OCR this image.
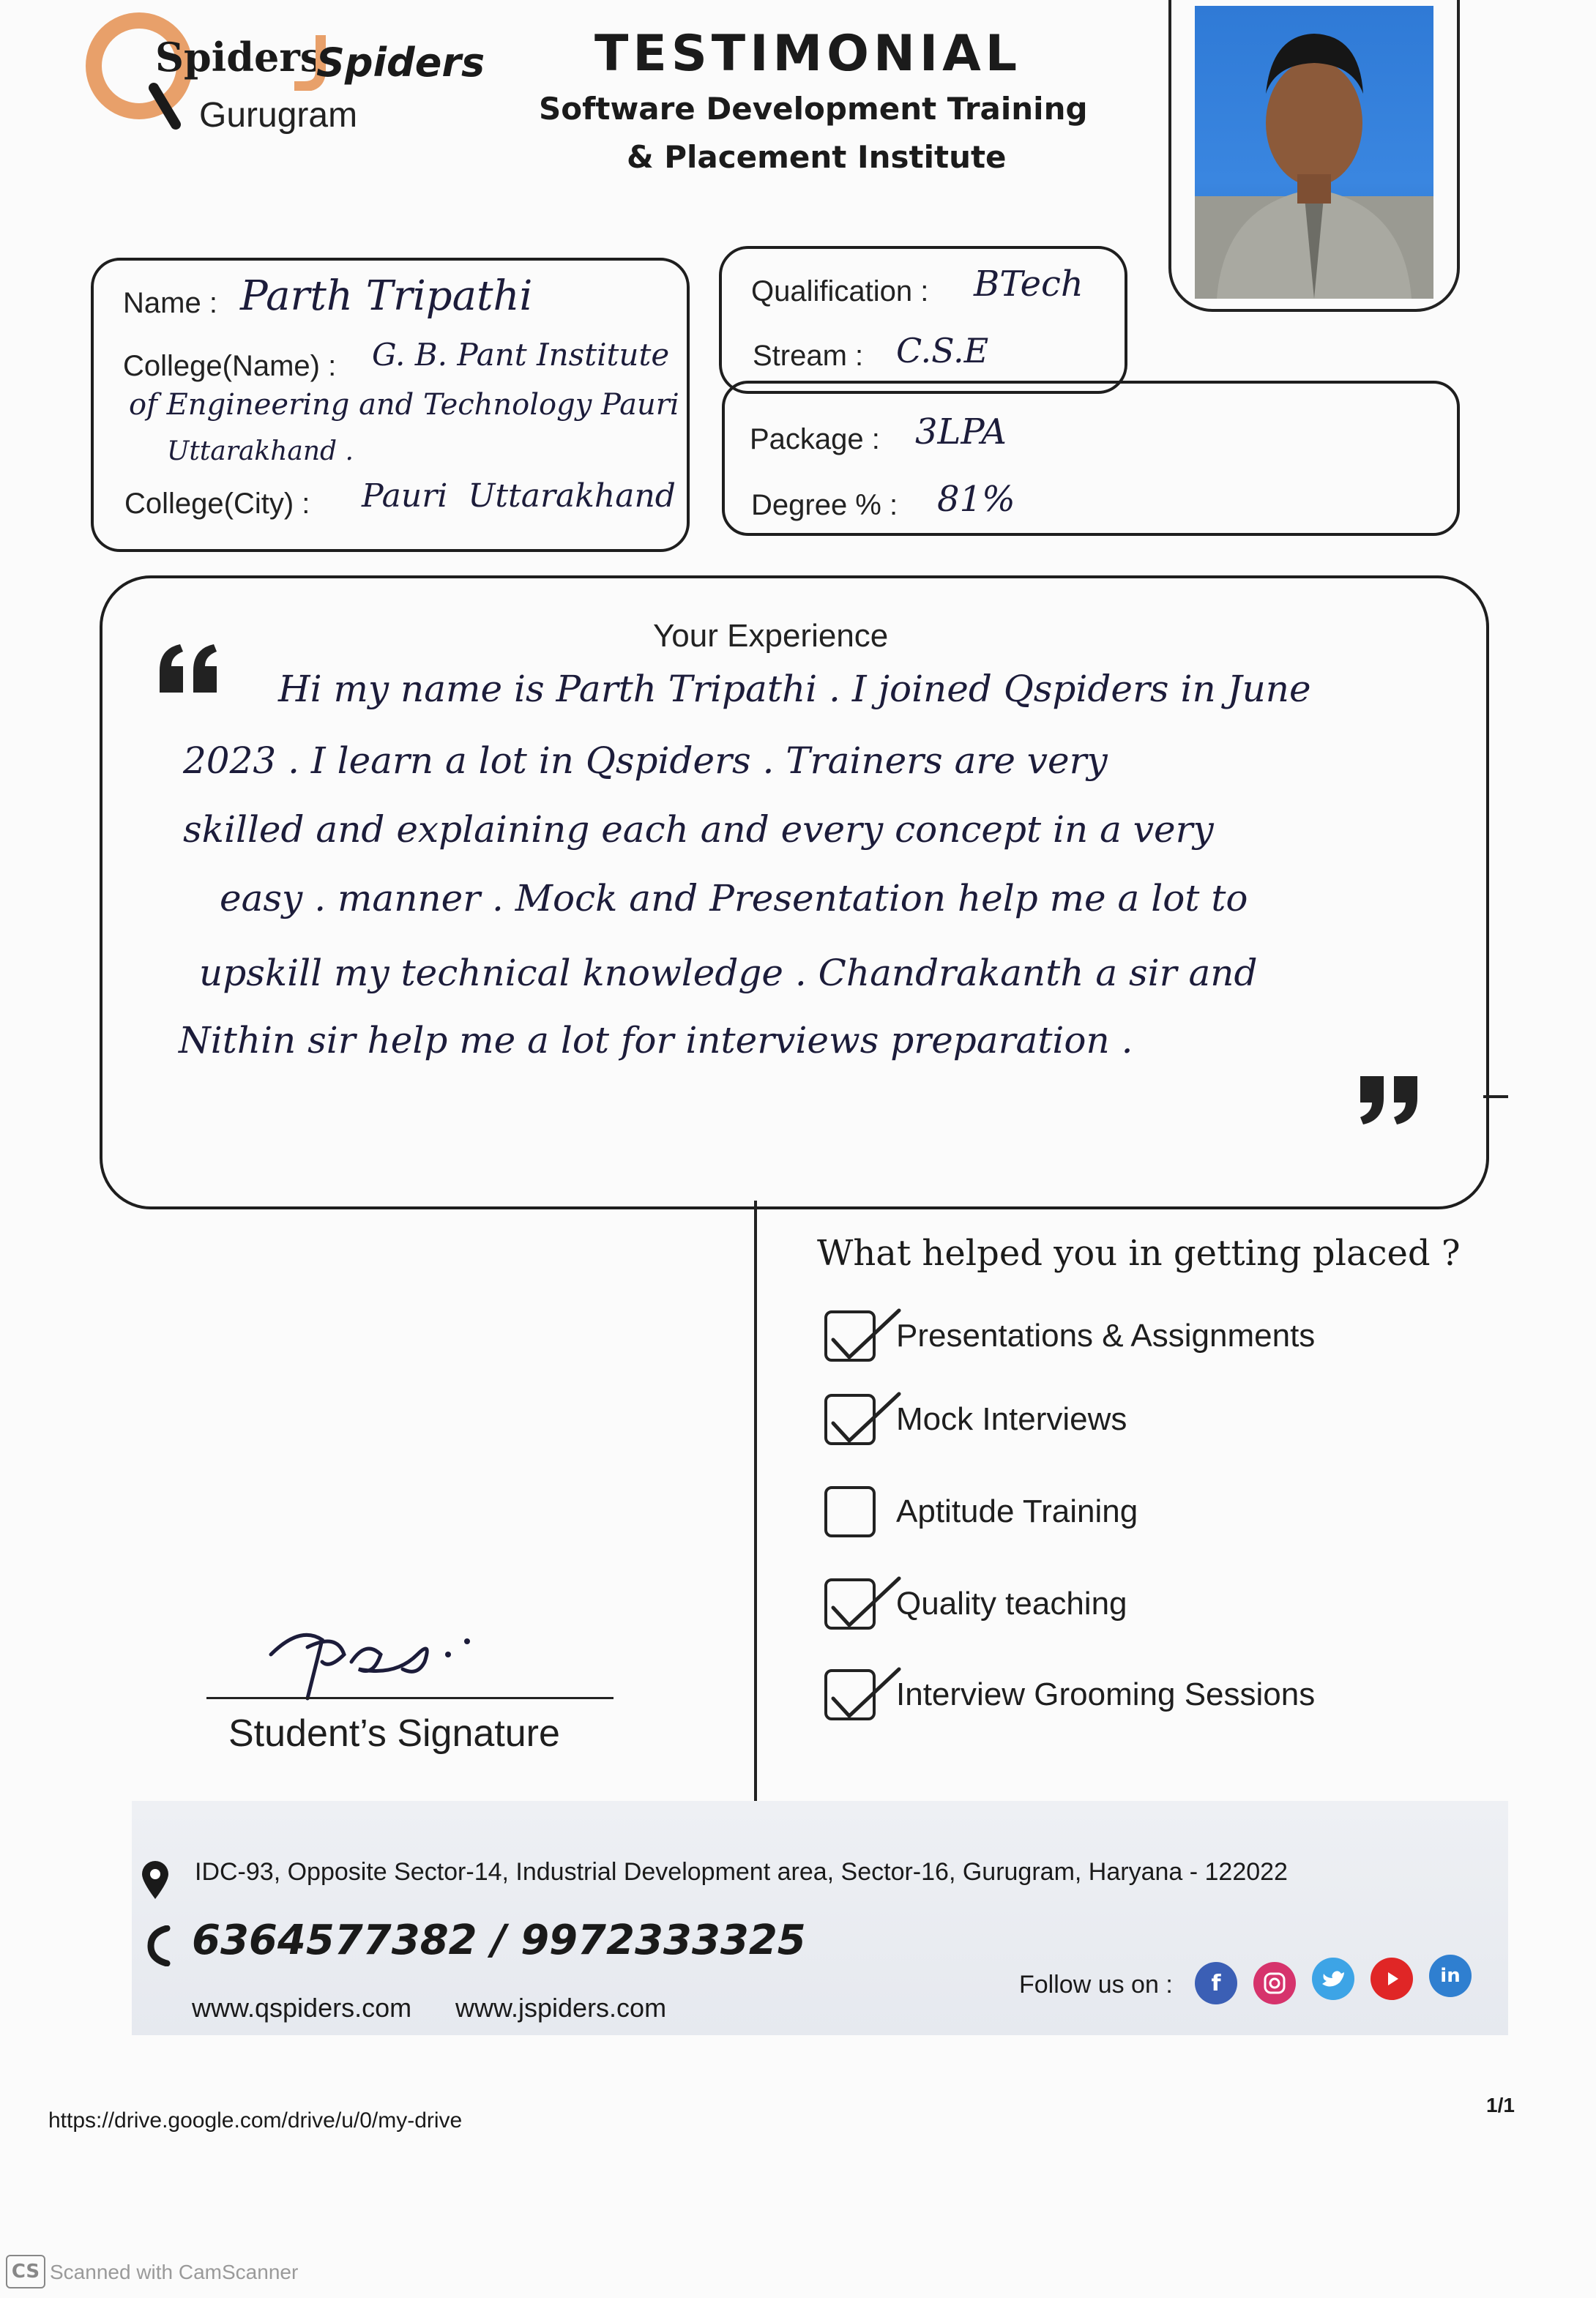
Spiders
Spiders
Gurugram
TESTIMONIAL
Software Development Training
& Placement Institute
Name : Parth Tripathi
College(Name) : G. B. Pant Institute
of Engineering and Technology Pauri
Uttarakhand .
College(City) : Pauri  Uttarakhand
Qualification : BTech
Stream : C.S.E
Package : 3LPA
Degree % : 81%
Your Experience
Hi my name is Parth Tripathi . I joined Qspiders in June
2023 . I learn a lot in Qspiders . Trainers are very
skilled and explaining each and every concept in a very
easy . manner . Mock and Presentation help me a lot to
upskill my technical knowledge . Chandrakanth a sir and
Nithin sir help me a lot for interviews preparation .
What helped you in getting placed ?
Presentations & Assignments
Mock Interviews
Aptitude Training
Quality teaching
Interview Grooming Sessions
Student’s Signature
IDC-93, Opposite Sector-14, Industrial Development area, Sector-16, Gurugram, Haryana - 122022
6364577382 / 9972333325
www.qspiders.com www.jspiders.com
Follow us on :	f	in
https://drive.google.com/drive/u/0/my-drive
1/1
CS Scanned with CamScanner
